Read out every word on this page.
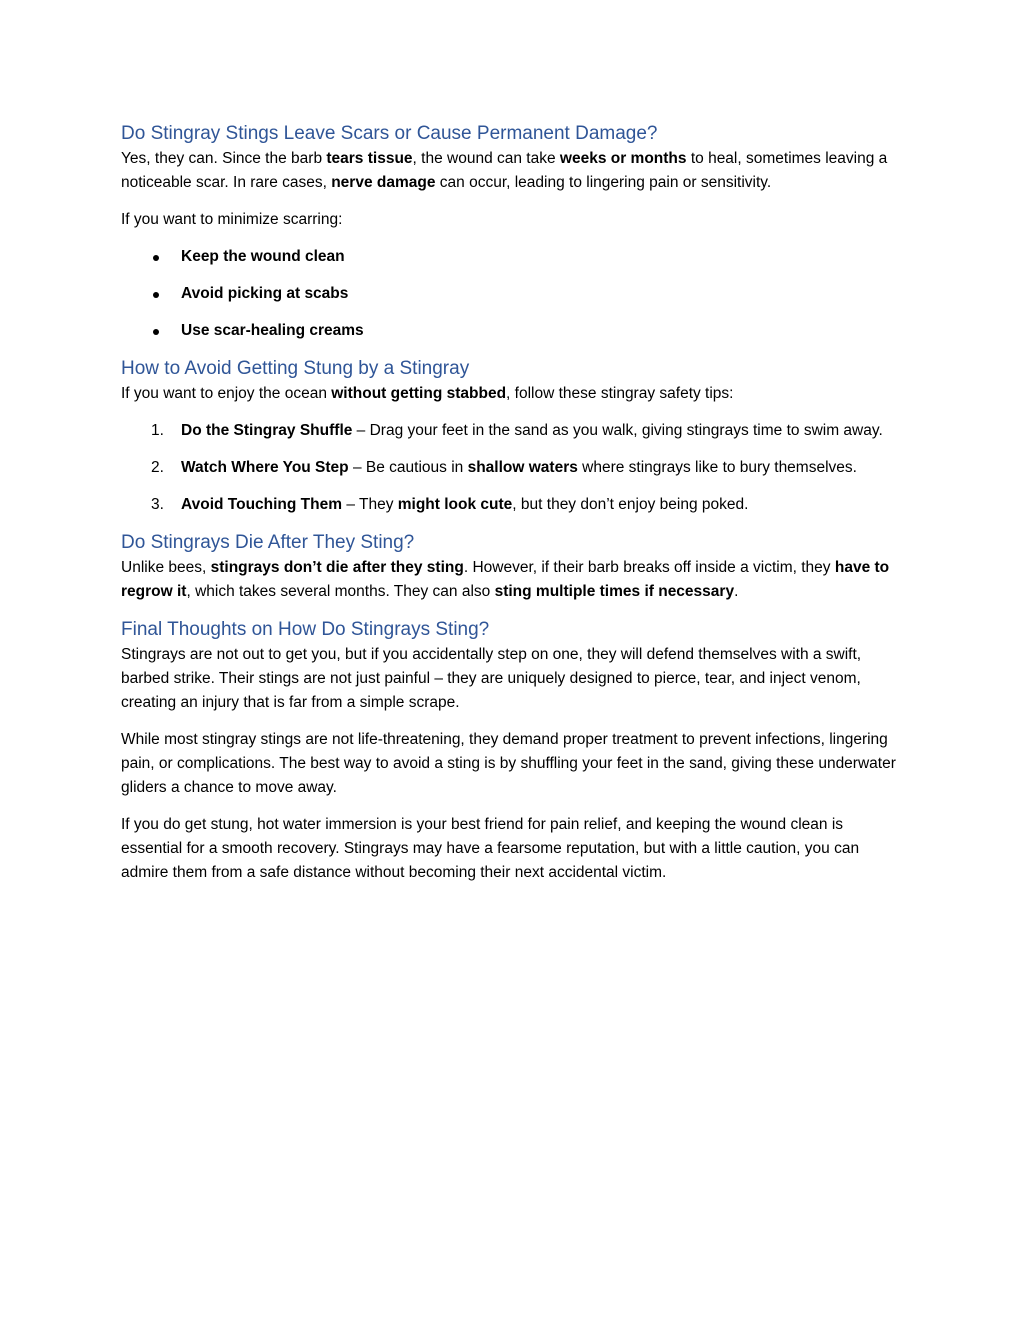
Do Stingray Stings Leave Scars or Cause Permanent Damage?

Yes, they can. Since the barb tears tissue, the wound can take weeks or months to heal, sometimes leaving a noticeable scar. In rare cases, nerve damage can occur, leading to lingering pain or sensitivity.

If you want to minimize scarring:

Keep the wound clean
Avoid picking at scabs
Use scar-healing creams
How to Avoid Getting Stung by a Stingray

If you want to enjoy the ocean without getting stabbed, follow these stingray safety tips:

1. Do the Stingray Shuffle – Drag your feet in the sand as you walk, giving stingrays time to swim away.
2. Watch Where You Step – Be cautious in shallow waters where stingrays like to bury themselves.
3. Avoid Touching Them – They might look cute, but they don’t enjoy being poked.
Do Stingrays Die After They Sting?

Unlike bees, stingrays don’t die after they sting. However, if their barb breaks off inside a victim, they have to regrow it, which takes several months. They can also sting multiple times if necessary.

Final Thoughts on How Do Stingrays Sting?

Stingrays are not out to get you, but if you accidentally step on one, they will defend themselves with a swift, barbed strike. Their stings are not just painful – they are uniquely designed to pierce, tear, and inject venom, creating an injury that is far from a simple scrape.

While most stingray stings are not life-threatening, they demand proper treatment to prevent infections, lingering pain, or complications. The best way to avoid a sting is by shuffling your feet in the sand, giving these underwater gliders a chance to move away.

If you do get stung, hot water immersion is your best friend for pain relief, and keeping the wound clean is essential for a smooth recovery. Stingrays may have a fearsome reputation, but with a little caution, you can admire them from a safe distance without becoming their next accidental victim.
